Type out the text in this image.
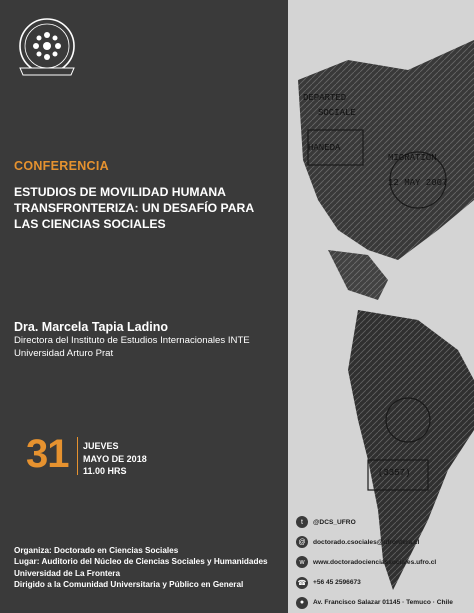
CONFERENCIA
ESTUDIOS DE MOVILIDAD HUMANA
TRANSFRONTERIZA: UN DESAFÍO PARA
LAS CIENCIAS SOCIALES
Dra. Marcela Tapia Ladino
Directora del Instituto de Estudios Internacionales INTE
Universidad Arturo Prat
31 JUEVES
MAYO DE 2018
11.00 HRS
Organiza: Doctorado en Ciencias Sociales
Lugar: Auditorio del Núcleo de Ciencias Sociales y Humanidades
Universidad de La Frontera
Dirigido a la Comunidad Universitaria y Público en General
DEPARTED
HANEDA
12 MAY 2007
MIGRATION
SOCIALE
(3357)
t	@DCS_UFRO
@	doctorado.csociales@ufrontera.cl
w	www.doctoradocienciassociales.ufro.cl
☎ +56 45 2596673
●	Av. Francisco Salazar 01145 · Temuco · Chile
